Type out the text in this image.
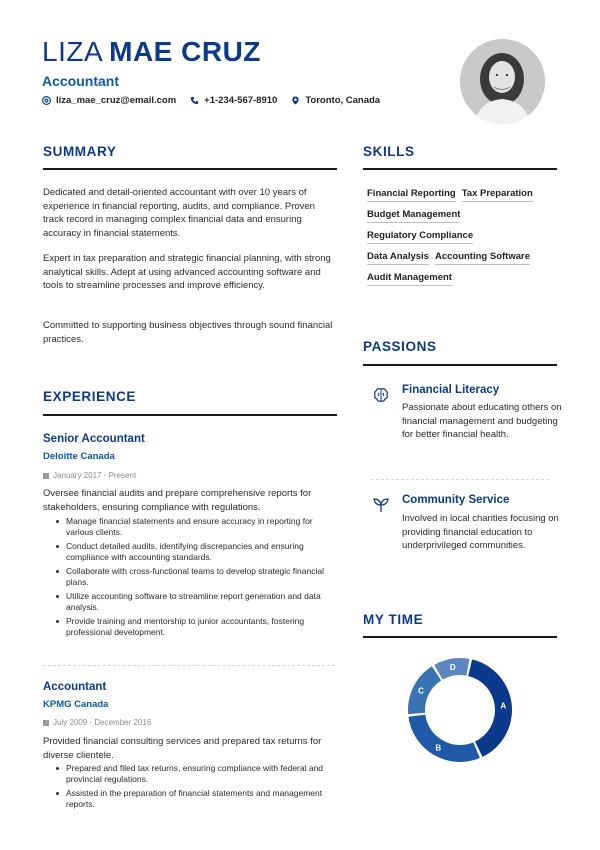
LIZA MAE CRUZ
Accountant
liza_mae_cruz@email.com	+1-234-567-8910	Toronto, Canada
SUMMARY
Dedicated and detail-oriented accountant with over 10 years of experience in financial reporting, audits, and compliance. Proven track record in managing complex financial data and ensuring accuracy in financial statements.
Expert in tax preparation and strategic financial planning, with strong analytical skills. Adept at using advanced accounting software and tools to streamline processes and improve efficiency.
Committed to supporting business objectives through sound financial practices.
EXPERIENCE
Senior Accountant
Deloitte Canada
January 2017 - Present
Oversee financial audits and prepare comprehensive reports for stakeholders, ensuring compliance with regulations.
Manage financial statements and ensure accuracy in reporting for various clients.
Conduct detailed audits, identifying discrepancies and ensuring compliance with accounting standards.
Collaborate with cross-functional teams to develop strategic financial plans.
Utilize accounting software to streamline report generation and data analysis.
Provide training and mentorship to junior accountants, fostering professional development.
Accountant
KPMG Canada
July 2009 - December 2016
Provided financial consulting services and prepared tax returns for diverse clientele.
Prepared and filed tax returns, ensuring compliance with federal and provincial regulations.
Assisted in the preparation of financial statements and management reports.
SKILLS
Financial Reporting Tax Preparation
Budget Management
Regulatory Compliance
Data Analysis Accounting Software
Audit Management
PASSIONS
Financial Literacy
Passionate about educating others on financial management and budgeting for better financial health.
Community Service
Involved in local charities focusing on providing financial education to underprivileged communities.
MY TIME
A
B
C
D
